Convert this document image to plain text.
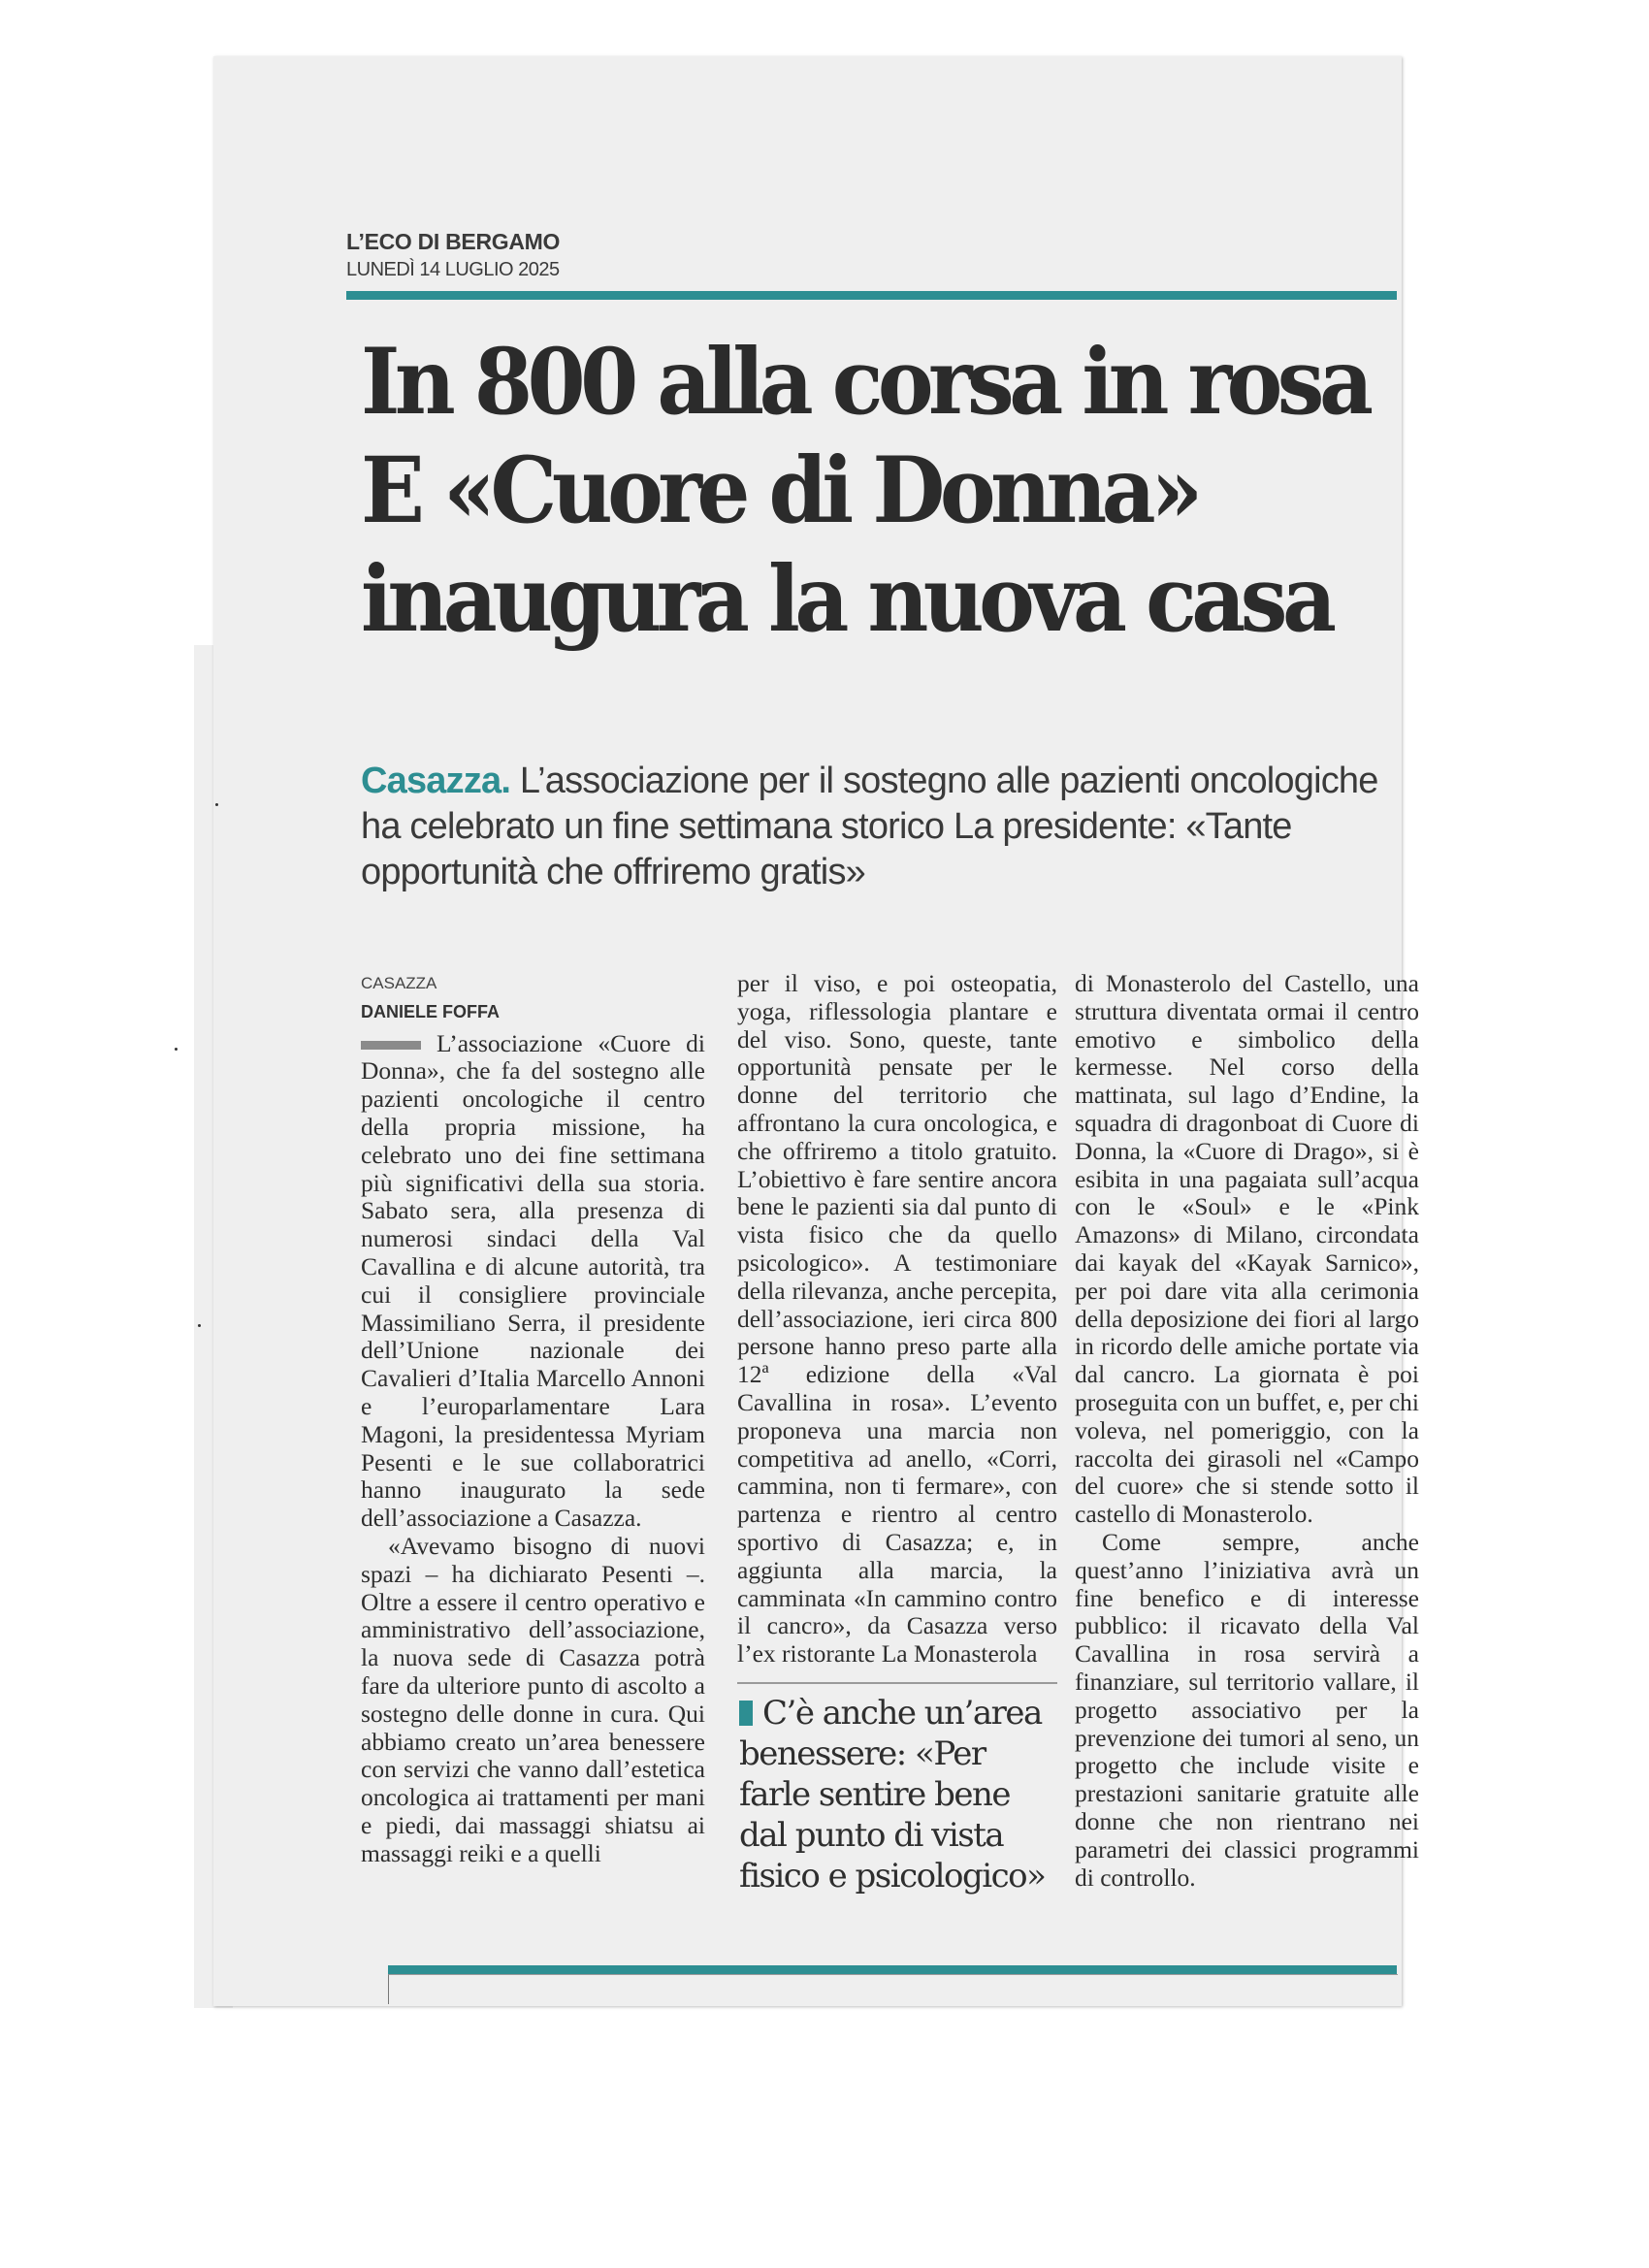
L’ECO DI BERGAMO
LUNEDÌ 14 LUGLIO 2025
In 800 alla corsa in rosa
E «Cuore di Donna»
inaugura la nuova casa
Casazza. L’associazione per il sostegno alle pazienti oncologiche ha celebrato un fine settimana storico La presidente: «Tante opportunità che offriremo gratis»
CASAZZA
DANIELE FOFFA

L’associazione «Cuore di Donna», che fa del sostegno alle pazienti oncologiche il centro della propria missione, ha celebrato uno dei fine settimana più significativi della sua storia. Sabato sera, alla presenza di numerosi sindaci della Val Cavallina e di alcune autorità, tra cui il consigliere provinciale Massimiliano Serra, il presidente dell’Unione nazionale dei Cavalieri d’Italia Marcello Annoni e l’europarlamentare Lara Magoni, la presidentessa Myriam Pesenti e le sue collaboratrici hanno inaugurato la sede dell’associazione a Casazza.

«Avevamo bisogno di nuovi spazi – ha dichiarato Pesenti –. Oltre a essere il centro operativo e amministrativo dell’associazione, la nuova sede di Casazza potrà fare da ulteriore punto di ascolto a sostegno delle donne in cura. Qui abbiamo creato un’area benessere con servizi che vanno dall’estetica oncologica ai trattamenti per mani e piedi, dai massaggi shiatsu ai massaggi reiki e a quelli

per il viso, e poi osteopatia, yoga, riflessologia plantare e del viso. Sono, queste, tante opportunità pensate per le donne del territorio che affrontano la cura oncologica, e che offriremo a titolo gratuito. L’obiettivo è fare sentire ancora bene le pazienti sia dal punto di vista fisico che da quello psicologico». A testimoniare della rilevanza, anche percepita, dell’associazione, ieri circa 800 persone hanno preso parte alla 12ª edizione della «Val Cavallina in rosa». L’evento proponeva una marcia non competitiva ad anello, «Corri, cammina, non ti fermare», con partenza e rientro al centro sportivo di Casazza; e, in aggiunta alla marcia, la camminata «In cammino contro il cancro», da Casazza verso l’ex ristorante La Monasterola

C’è anche un’area benessere: «Per farle sentire bene dal punto di vista fisico e psicologico»

di Monasterolo del Castello, una struttura diventata ormai il centro emotivo e simbolico della kermesse. Nel corso della mattinata, sul lago d’Endine, la squadra di dragonboat di Cuore di Donna, la «Cuore di Drago», si è esibita in una pagaiata sull’acqua con le «Soul» e le «Pink Amazons» di Milano, circondata dai kayak del «Kayak Sarnico», per poi dare vita alla cerimonia della deposizione dei fiori al largo in ricordo delle amiche portate via dal cancro. La giornata è poi proseguita con un buffet, e, per chi voleva, nel pomeriggio, con la raccolta dei girasoli nel «Campo del cuore» che si stende sotto il castello di Monasterolo.

Come sempre, anche quest’anno l’iniziativa avrà un fine benefico e di interesse pubblico: il ricavato della Val Cavallina in rosa servirà a finanziare, sul territorio vallare, il progetto associativo per la prevenzione dei tumori al seno, un progetto che include visite e prestazioni sanitarie gratuite alle donne che non rientrano nei parametri dei classici programmi di controllo.
